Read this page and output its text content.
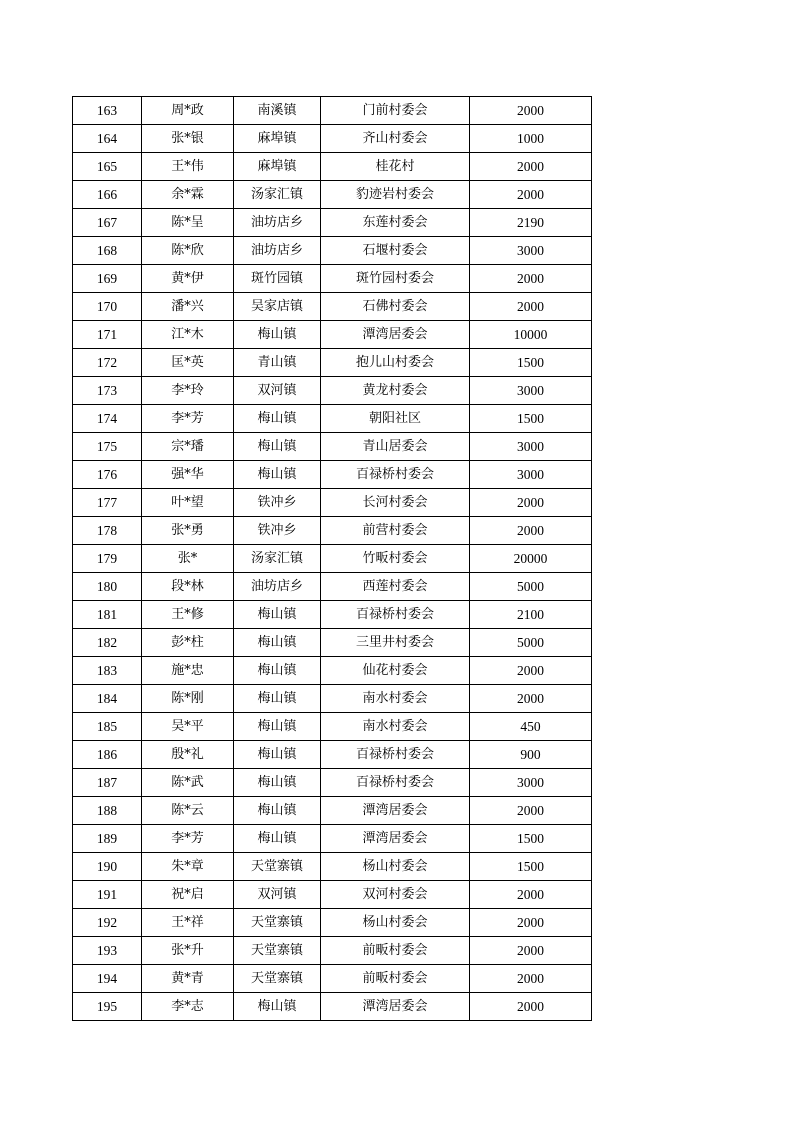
163	周*政	南溪镇	门前村委会	2000
164	张*银	麻埠镇	齐山村委会	1000
165	王*伟	麻埠镇	桂花村	2000
166	余*霖	汤家汇镇	豹迹岩村委会	2000
167	陈*呈	油坊店乡	东莲村委会	2190
168	陈*欣	油坊店乡	石堰村委会	3000
169	黄*伊	斑竹园镇	斑竹园村委会	2000
170	潘*兴	吴家店镇	石佛村委会	2000
171	江*木	梅山镇	潭湾居委会	10000
172	匡*英	青山镇	抱儿山村委会	1500
173	李*玲	双河镇	黄龙村委会	3000
174	李*芳	梅山镇	朝阳社区	1500
175	宗*璠	梅山镇	青山居委会	3000
176	强*华	梅山镇	百禄桥村委会	3000
177	叶*望	铁冲乡	长河村委会	2000
178	张*勇	铁冲乡	前营村委会	2000
179	张*	汤家汇镇	竹畈村委会	20000
180	段*林	油坊店乡	西莲村委会	5000
181	王*修	梅山镇	百禄桥村委会	2100
182	彭*柱	梅山镇	三里井村委会	5000
183	施*忠	梅山镇	仙花村委会	2000
184	陈*刚	梅山镇	南水村委会	2000
185	吴*平	梅山镇	南水村委会	450
186	殷*礼	梅山镇	百禄桥村委会	900
187	陈*武	梅山镇	百禄桥村委会	3000
188	陈*云	梅山镇	潭湾居委会	2000
189	李*芳	梅山镇	潭湾居委会	1500
190	朱*章	天堂寨镇	杨山村委会	1500
191	祝*启	双河镇	双河村委会	2000
192	王*祥	天堂寨镇	杨山村委会	2000
193	张*升	天堂寨镇	前畈村委会	2000
194	黄*青	天堂寨镇	前畈村委会	2000
195	李*志	梅山镇	潭湾居委会	2000
